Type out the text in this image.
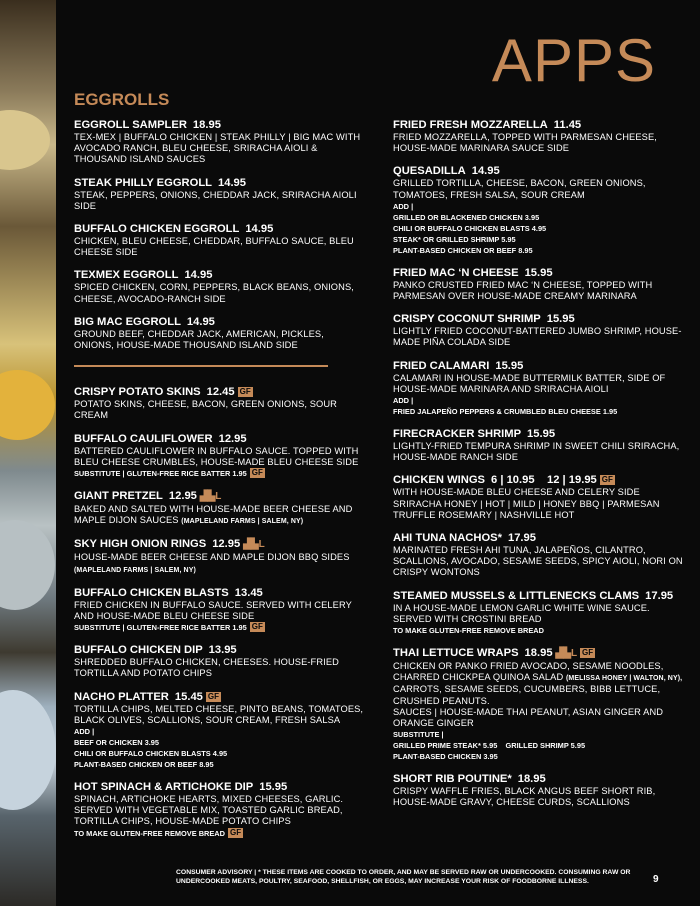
APPS
EGGROLLS
EGGROLL SAMPLER 18.95
TEX-MEX | BUFFALO CHICKEN | STEAK PHILLY | BIG MAC WITH AVOCADO RANCH, BLEU CHEESE, SRIRACHA AIOLI & THOUSAND ISLAND SAUCES
STEAK PHILLY EGGROLL 14.95
STEAK, PEPPERS, ONIONS, CHEDDAR JACK, SRIRACHA AIOLI SIDE
BUFFALO CHICKEN EGGROLL 14.95
CHICKEN, BLEU CHEESE, CHEDDAR, BUFFALO SAUCE, BLEU CHEESE SIDE
TEXMEX EGGROLL 14.95
SPICED CHICKEN, CORN, PEPPERS, BLACK BEANS, ONIONS, CHEESE, AVOCADO-RANCH SIDE
BIG MAC EGGROLL 14.95
GROUND BEEF, CHEDDAR JACK, AMERICAN, PICKLES, ONIONS, HOUSE-MADE THOUSAND ISLAND SIDE
CRISPY POTATO SKINS 12.45 GF
POTATO SKINS, CHEESE, BACON, GREEN ONIONS, SOUR CREAM
BUFFALO CAULIFLOWER 12.95
BATTERED CAULIFLOWER IN BUFFALO SAUCE. TOPPED WITH BLEU CHEESE CRUMBLES, HOUSE-MADE BLEU CHEESE SIDE
SUBSTITUTE | GLUTEN-FREE RICE BATTER 1.95 GF
GIANT PRETZEL 12.95 ▟▙L
BAKED AND SALTED WITH HOUSE-MADE BEER CHEESE AND MAPLE DIJON SAUCES (MAPLELAND FARMS | SALEM, NY)
SKY HIGH ONION RINGS 12.95 ▟▙L
HOUSE-MADE BEER CHEESE AND MAPLE DIJON BBQ SIDES (MAPLELAND FARMS | SALEM, NY)
BUFFALO CHICKEN BLASTS 13.45
FRIED CHICKEN IN BUFFALO SAUCE. SERVED WITH CELERY AND HOUSE-MADE BLEU CHEESE SIDE
SUBSTITUTE | GLUTEN-FREE RICE BATTER 1.95 GF
BUFFALO CHICKEN DIP 13.95
SHREDDED BUFFALO CHICKEN, CHEESES. HOUSE-FRIED TORTILLA AND POTATO CHIPS
NACHO PLATTER 15.45 GF
TORTILLA CHIPS, MELTED CHEESE, PINTO BEANS, TOMATOES, BLACK OLIVES, SCALLIONS, SOUR CREAM, FRESH SALSA
ADD |
BEEF OR CHICKEN 3.95
CHILI OR BUFFALO CHICKEN BLASTS 4.95
PLANT-BASED CHICKEN OR BEEF 8.95
HOT SPINACH & ARTICHOKE DIP 15.95
SPINACH, ARTICHOKE HEARTS, MIXED CHEESES, GARLIC. SERVED WITH VEGETABLE MIX, TOASTED GARLIC BREAD, TORTILLA CHIPS, HOUSE-MADE POTATO CHIPS
TO MAKE GLUTEN-FREE REMOVE BREAD GF
FRIED FRESH MOZZARELLA 11.45
FRIED MOZZARELLA, TOPPED WITH PARMESAN CHEESE, HOUSE-MADE MARINARA SAUCE SIDE
QUESADILLA 14.95
GRILLED TORTILLA, CHEESE, BACON, GREEN ONIONS, TOMATOES, FRESH SALSA, SOUR CREAM
ADD |
GRILLED OR BLACKENED CHICKEN 3.95
CHILI OR BUFFALO CHICKEN BLASTS 4.95
STEAK* OR GRILLED SHRIMP 5.95
PLANT-BASED CHICKEN OR BEEF 8.95
FRIED MAC ‘N CHEESE 15.95
PANKO CRUSTED FRIED MAC ‘N CHEESE, TOPPED WITH PARMESAN OVER HOUSE-MADE CREAMY MARINARA
CRISPY COCONUT SHRIMP 15.95
LIGHTLY FRIED COCONUT-BATTERED JUMBO SHRIMP, HOUSE-MADE PIÑA COLADA SIDE
FRIED CALAMARI 15.95
CALAMARI IN HOUSE-MADE BUTTERMILK BATTER, SIDE OF HOUSE-MADE MARINARA AND SRIRACHA AIOLI
ADD |
FRIED JALAPEÑO PEPPERS & CRUMBLED BLEU CHEESE 1.95
FIRECRACKER SHRIMP 15.95
LIGHTLY-FRIED TEMPURA SHRIMP IN SWEET CHILI SRIRACHA, HOUSE-MADE RANCH SIDE
CHICKEN WINGS 6 | 10.95    12 | 19.95 GF
WITH HOUSE-MADE BLEU CHEESE AND CELERY SIDE SRIRACHA HONEY | HOT | MILD | HONEY BBQ | PARMESAN TRUFFLE ROSEMARY | NASHVILLE HOT
AHI TUNA NACHOS* 17.95
MARINATED FRESH AHI TUNA, JALAPEÑOS, CILANTRO, SCALLIONS, AVOCADO, SESAME SEEDS, SPICY AIOLI, NORI ON CRISPY WONTONS
STEAMED MUSSELS & LITTLENECKS CLAMS 17.95
IN A HOUSE-MADE LEMON GARLIC WHITE WINE SAUCE. SERVED WITH CROSTINI BREAD
TO MAKE GLUTEN-FREE REMOVE BREAD
THAI LETTUCE WRAPS 18.95 ▟▙L GF
CHICKEN OR PANKO FRIED AVOCADO, SESAME NOODLES, CHARRED CHICKPEA QUINOA SALAD (MELISSA HONEY | WALTON, NY), CARROTS, SESAME SEEDS, CUCUMBERS, BIBB LETTUCE, CRUSHED PEANUTS.
SAUCES | HOUSE-MADE THAI PEANUT, ASIAN GINGER AND ORANGE GINGER
SUBSTITUTE |
GRILLED PRIME STEAK* 5.95    GRILLED SHRIMP 5.95
PLANT-BASED CHICKEN 3.95
SHORT RIB POUTINE* 18.95
CRISPY WAFFLE FRIES, BLACK ANGUS BEEF SHORT RIB, HOUSE-MADE GRAVY, CHEESE CURDS, SCALLIONS
CONSUMER ADVISORY | * THESE ITEMS ARE COOKED TO ORDER, AND MAY BE SERVED RAW OR UNDERCOOKED. CONSUMING RAW OR UNDERCOOKED MEATS, POULTRY, SEAFOOD, SHELLFISH, OR EGGS, MAY INCREASE YOUR RISK OF FOODBORNE ILLNESS.	9
